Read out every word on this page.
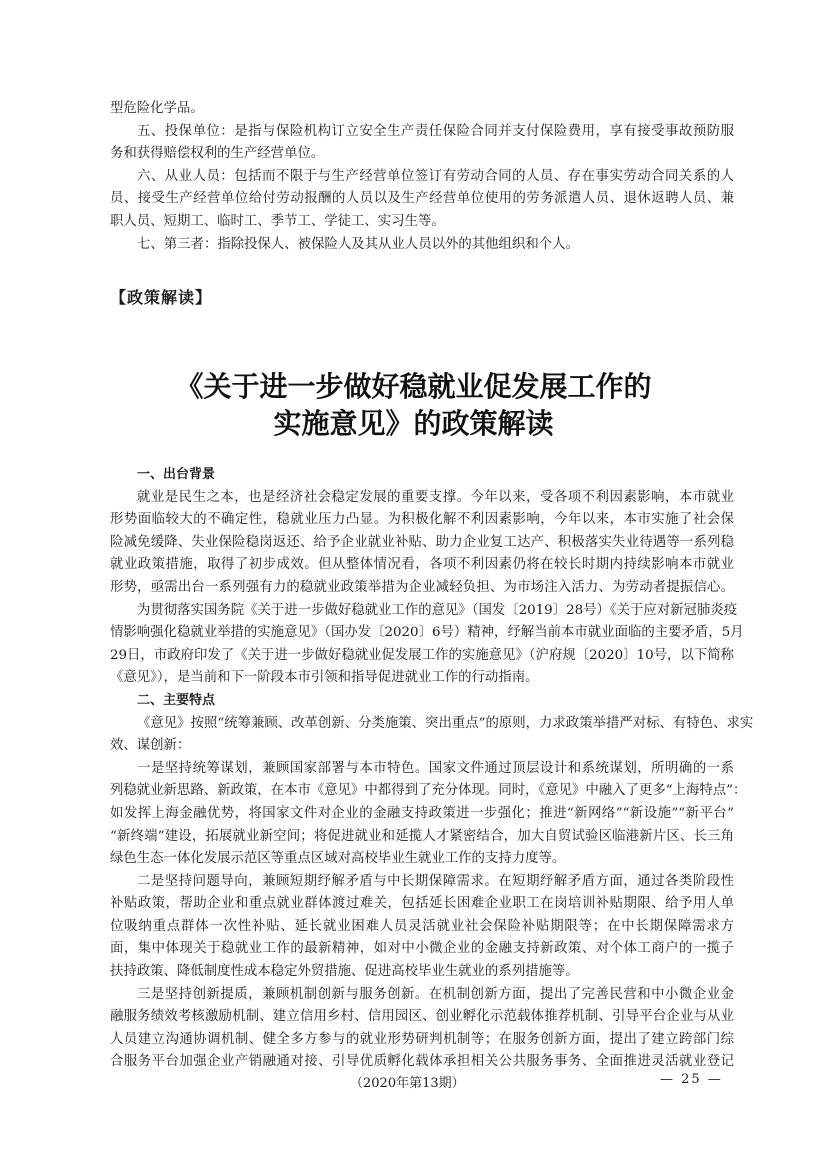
型危险化学品。
五、投保单位：是指与保险机构订立安全生产责任保险合同并支付保险费用，享有接受事故预防服
务和获得赔偿权利的生产经营单位。
六、从业人员：包括而不限于与生产经营单位签订有劳动合同的人员、存在事实劳动合同关系的人
员、接受生产经营单位给付劳动报酬的人员以及生产经营单位使用的劳务派遣人员、退休返聘人员、兼
职人员、短期工、临时工、季节工、学徒工、实习生等。
七、第三者：指除投保人、被保险人及其从业人员以外的其他组织和个人。
【政策解读】
《关于进一步做好稳就业促发展工作的
实施意见》的政策解读
一、出台背景
就业是民生之本，也是经济社会稳定发展的重要支撑。今年以来，受各项不利因素影响，本市就业
形势面临较大的不确定性，稳就业压力凸显。为积极化解不利因素影响，今年以来，本市实施了社会保
险减免缓降、失业保险稳岗返还、给予企业就业补贴、助力企业复工达产、积极落实失业待遇等一系列稳
就业政策措施，取得了初步成效。但从整体情况看，各项不利因素仍将在较长时期内持续影响本市就业
形势，亟需出台一系列强有力的稳就业政策举措为企业减轻负担、为市场注入活力、为劳动者提振信心。
为贯彻落实国务院《关于进一步做好稳就业工作的意见》（国发〔2019〕28号）《关于应对新冠肺炎疫
情影响强化稳就业举措的实施意见》（国办发〔2020〕6号）精神，纾解当前本市就业面临的主要矛盾，5月
29日，市政府印发了《关于进一步做好稳就业促发展工作的实施意见》（沪府规〔2020〕10号，以下简称
《意见》），是当前和下一阶段本市引领和指导促进就业工作的行动指南。
二、主要特点
《意见》按照“统筹兼顾、改革创新、分类施策、突出重点”的原则，力求政策举措严对标、有特色、求实
效、谋创新：
一是坚持统筹谋划，兼顾国家部署与本市特色。国家文件通过顶层设计和系统谋划，所明确的一系
列稳就业新思路、新政策，在本市《意见》中都得到了充分体现。同时，《意见》中融入了更多“上海特点”：
如发挥上海金融优势，将国家文件对企业的金融支持政策进一步强化；推进“新网络”“新设施”“新平台”
“新终端”建设，拓展就业新空间；将促进就业和延揽人才紧密结合，加大自贸试验区临港新片区、长三角
绿色生态一体化发展示范区等重点区域对高校毕业生就业工作的支持力度等。
二是坚持问题导向，兼顾短期纾解矛盾与中长期保障需求。在短期纾解矛盾方面，通过各类阶段性
补贴政策，帮助企业和重点就业群体渡过难关，包括延长困难企业职工在岗培训补贴期限、给予用人单
位吸纳重点群体一次性补贴、延长就业困难人员灵活就业社会保险补贴期限等；在中长期保障需求方
面，集中体现关于稳就业工作的最新精神，如对中小微企业的金融支持新政策、对个体工商户的一揽子
扶持政策、降低制度性成本稳定外贸措施、促进高校毕业生就业的系列措施等。
三是坚持创新提质，兼顾机制创新与服务创新。在机制创新方面，提出了完善民营和中小微企业金
融服务绩效考核激励机制、建立信用乡村、信用园区、创业孵化示范载体推荐机制、引导平台企业与从业
人员建立沟通协调机制、健全多方参与的就业形势研判机制等；在服务创新方面，提出了建立跨部门综
合服务平台加强企业产销融通对接、引导优质孵化载体承担相关公共服务事务、全面推进灵活就业登记
（2020年第13期）	— 25 —
